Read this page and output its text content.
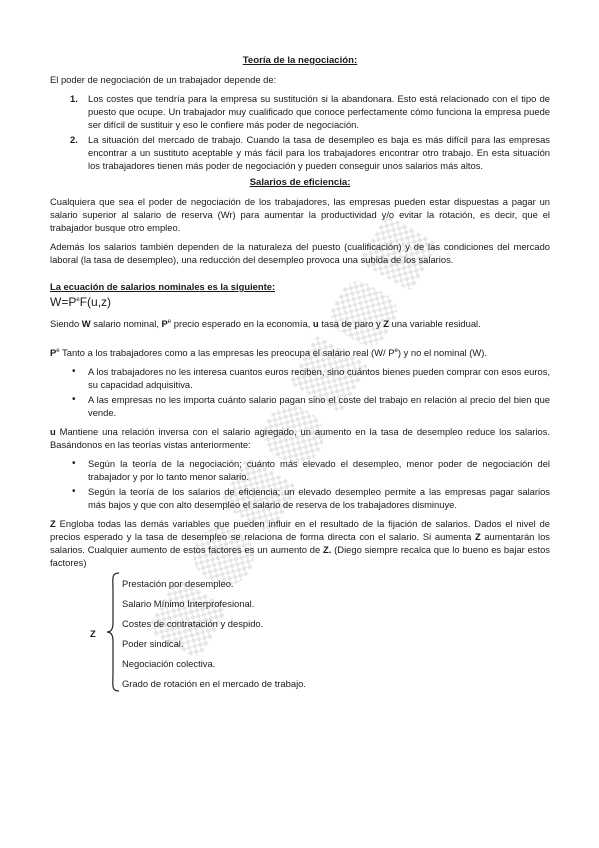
Teoría de la negociación:

El poder de negociación de un trabajador depende de:

1. Los costes que tendría para la empresa su sustitución si la abandonara. Esto está relacionado con el tipo de puesto que ocupe. Un trabajador muy cualificado que conoce perfectamente cómo funciona la empresa puede ser difícil de sustituir y eso le confiere más poder de negociación.
2. La situación del mercado de trabajo. Cuando la tasa de desempleo es baja es más difícil para las empresas encontrar a un sustituto aceptable y más fácil para los trabajadores encontrar otro trabajo. En esta situación los trabajadores tienen más poder de negociación y pueden conseguir unos salarios más altos.
Salarios de eficiencia:

Cualquiera que sea el poder de negociación de los trabajadores, las empresas pueden estar dispuestas a pagar un salario superior al salario de reserva (Wr) para aumentar la productividad y/o evitar la rotación, es decir, que el trabajador busque otro empleo.

Además los salarios también dependen de la naturaleza del puesto (cualificación) y de las condiciones del mercado laboral (la tasa de desempleo), una reducción del desempleo provoca una subida de los salarios.

La ecuación de salarios nominales es la siguiente:
$W=P^eF(u,z)$

Siendo W salario nominal, $P^e$ precio esperado en la economía, u tasa de paro y Z una variable residual.

$P^e$ Tanto a los trabajadores como a las empresas les preocupa el salario real (W/ $P^e$) y no el nominal (W).

• A los trabajadores no les interesa cuantos euros reciben, sino cuántos bienes pueden comprar con esos euros, su capacidad adquisitiva.
• A las empresas no les importa cuánto salario pagan sino el coste del trabajo en relación al precio del bien que vende.

u Mantiene una relación inversa con el salario agregado, un aumento en la tasa de desempleo reduce los salarios. Basándonos en las teorías vistas anteriormente:

• Según la teoría de la negociación; cuánto más elevado el desempleo, menor poder de negociación del trabajador y por lo tanto menor salario.
• Según la teoría de los salarios de eficiencia; un elevado desempleo permite a las empresas pagar salarios más bajos y que con alto desempleo el salario de reserva de los trabajadores disminuye.

Z Engloba todas las demás variables que pueden influir en el resultado de la fijación de salarios. Dados el nivel de precios esperado y la tasa de desempleo se relaciona de forma directa con el salario. Si aumenta Z aumentarán los salarios. Cualquier aumento de estos factores es un aumento de Z. (Diego siempre recalca que lo bueno es bajar estos factores)

Z
Prestación por desempleo.
Salario Mínimo Interprofesional.
Costes de contratación y despido.
Poder sindical.
Negociación colectiva.
Grado de rotación en el mercado de trabajo.
